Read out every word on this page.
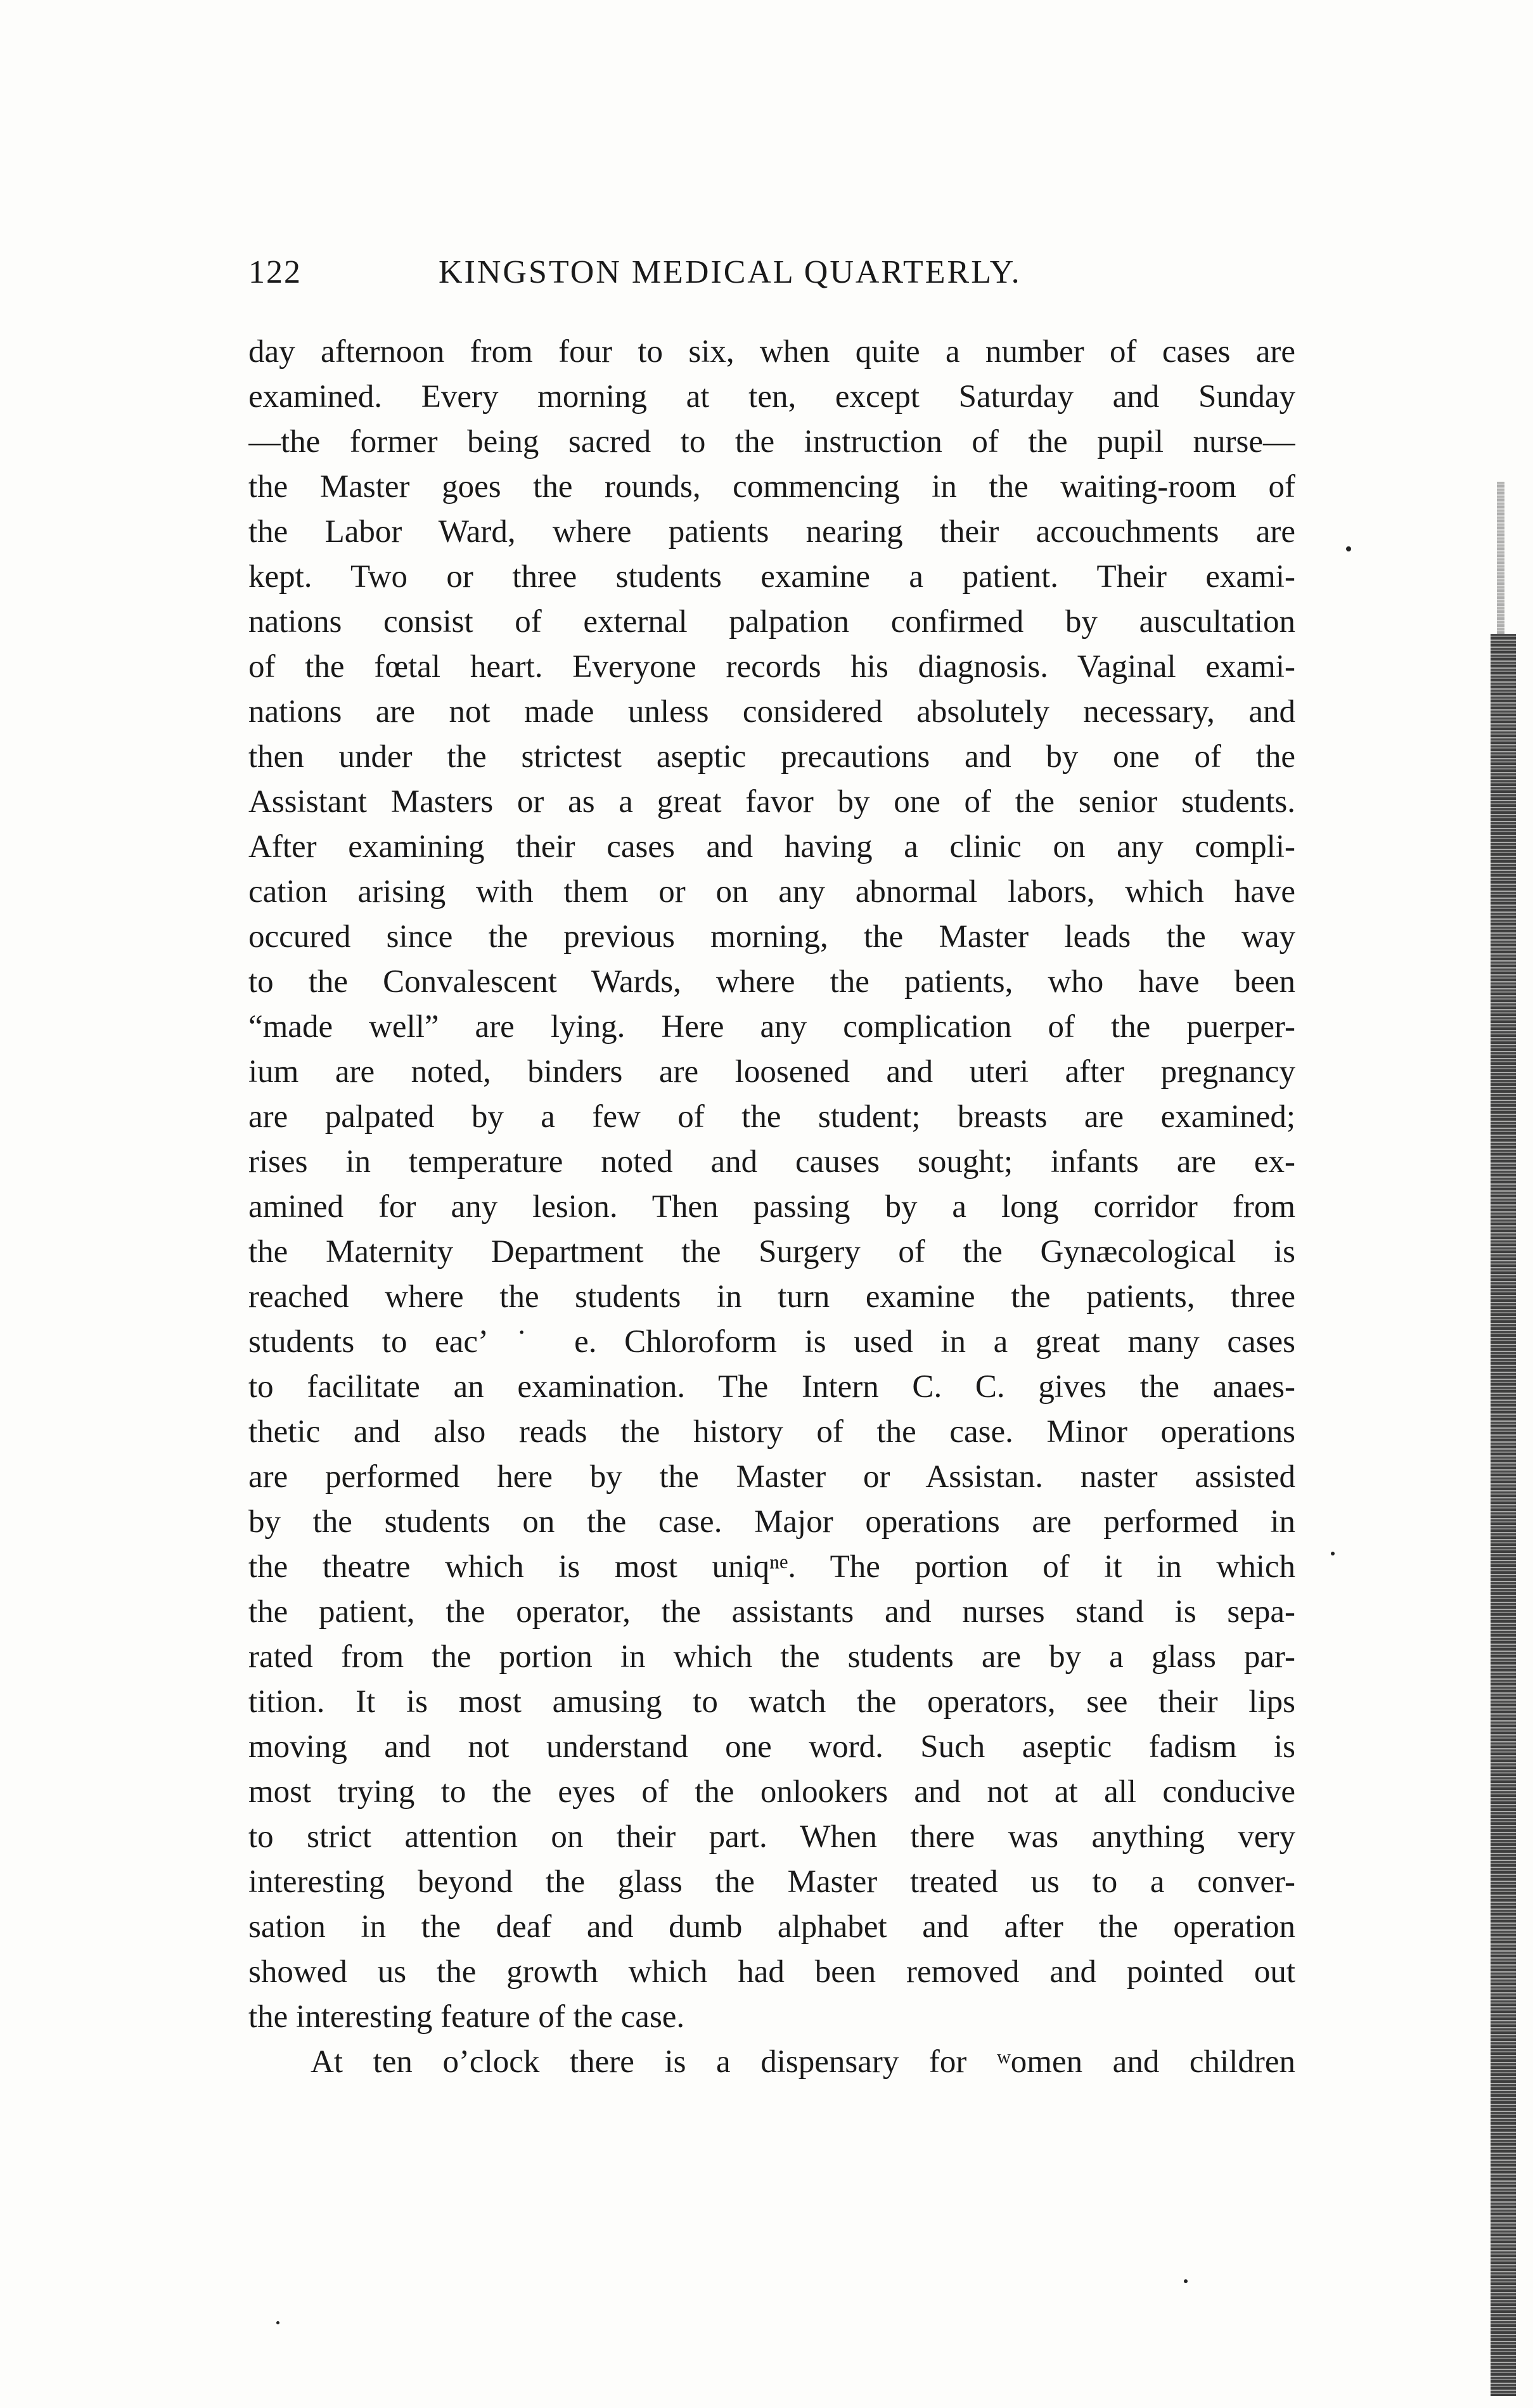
122	KINGSTON MEDICAL QUARTERLY.
day afternoon from four to six, when quite a number of cases are
examined. Every morning at ten, except Saturday and Sunday
—the former being sacred to the instruction of the pupil nurse—
the Master goes the rounds, commencing in the waiting-room of
the Labor Ward, where patients nearing their accouchments are
kept. Two or three students examine a patient. Their exami-
nations consist of external palpation confirmed by auscultation
of the fœtal heart. Everyone records his diagnosis. Vaginal exami-
nations are not made unless considered absolutely necessary, and
then under the strictest aseptic precautions and by one of the
Assistant Masters or as a great favor by one of the senior students.
After examining their cases and having a clinic on any compli-
cation arising with them or on any abnormal labors, which have
occured since the previous morning, the Master leads the way
to the Convalescent Wards, where the patients, who have been
“made well” are lying. Here any complication of the puerper-
ium are noted, binders are loosened and uteri after pregnancy
are palpated by a few of the student; breasts are examined;
rises in temperature noted and causes sought; infants are ex-
amined for any lesion. Then passing by a long corridor from
the Maternity Department the Surgery of the Gynæcological is
reached where the students in turn examine the patients, three
students to eacʼ ˙ e. Chloroform is used in a great many cases
to facilitate an examination. The Intern C. C. gives the anaes-
thetic and also reads the history of the case. Minor operations
are performed here by the Master or Assistan. naster assisted
by the students on the case. Major operations are performed in
the theatre which is most uniqⁿᵉ. The portion of it in which
the patient, the operator, the assistants and nurses stand is sepa-
rated from the portion in which the students are by a glass par-
tition. It is most amusing to watch the operators, see their lips
moving and not understand one word. Such aseptic fadism is
most trying to the eyes of the onlookers and not at all conducive
to strict attention on their part. When there was anything very
interesting beyond the glass the Master treated us to a conver-
sation in the deaf and dumb alphabet and after the operation
showed us the growth which had been removed and pointed out
the interesting feature of the case.
At ten o’clock there is a dispensary for ʷomen and children
